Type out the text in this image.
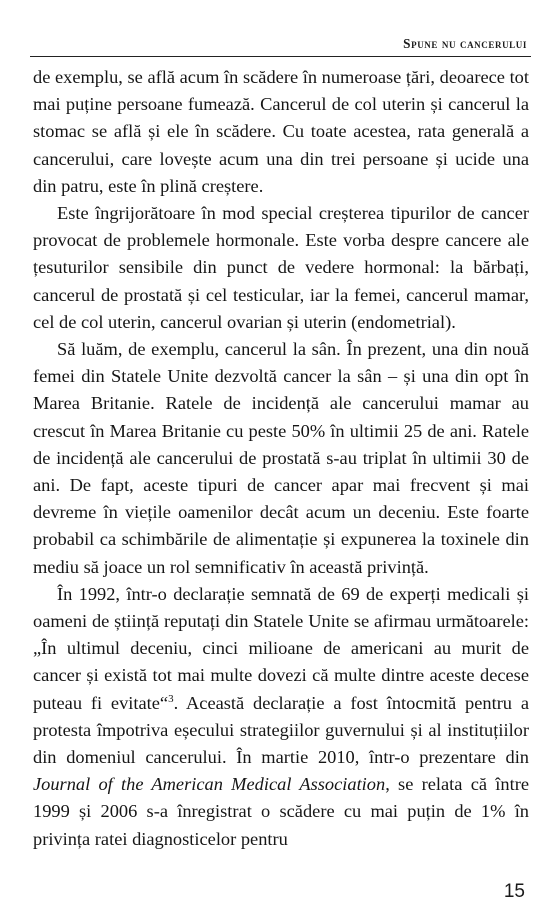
Spune nu cancerului

de exemplu, se află acum în scădere în numeroase țări, deoarece tot mai puține persoane fumează. Cancerul de col uterin și cancerul la stomac se află și ele în scădere. Cu toate acestea, rata generală a cancerului, care lovește acum una din trei persoane și ucide una din patru, este în plină creștere.

Este îngrijorătoare în mod special creșterea tipurilor de cancer provocat de problemele hormonale. Este vorba despre cancere ale țesuturilor sensibile din punct de vedere hormonal: la bărbați, cancerul de prostată și cel testicular, iar la femei, cancerul mamar, cel de col uterin, cancerul ovarian și uterin (endometrial).

Să luăm, de exemplu, cancerul la sân. În prezent, una din nouă femei din Statele Unite dezvoltă cancer la sân – și una din opt în Marea Britanie. Ratele de incidență ale cancerului mamar au crescut în Marea Britanie cu peste 50% în ultimii 25 de ani. Ratele de incidență ale cancerului de prostată s-au triplat în ultimii 30 de ani. De fapt, aceste tipuri de cancer apar mai frecvent și mai devreme în viețile oamenilor decât acum un deceniu. Este foarte probabil ca schimbările de alimentație și expunerea la toxinele din mediu să joace un rol semnificativ în această privință.

În 1992, într-o declarație semnată de 69 de experți medicali și oameni de știință reputați din Statele Unite se afirmau următoarele: „În ultimul deceniu, cinci milioane de americani au murit de cancer și există tot mai multe dovezi că multe dintre aceste decese puteau fi evitate“$^3$. Această declarație a fost întocmită pentru a protesta împotriva eșecului strategiilor guvernului și al instituțiilor din domeniul cancerului. În martie 2010, într-o prezentare din Journal of the American Medical Association, se relata că între 1999 și 2006 s-a înregistrat o scădere cu mai puțin de 1% în privința ratei diagnosticelor pentru

15
